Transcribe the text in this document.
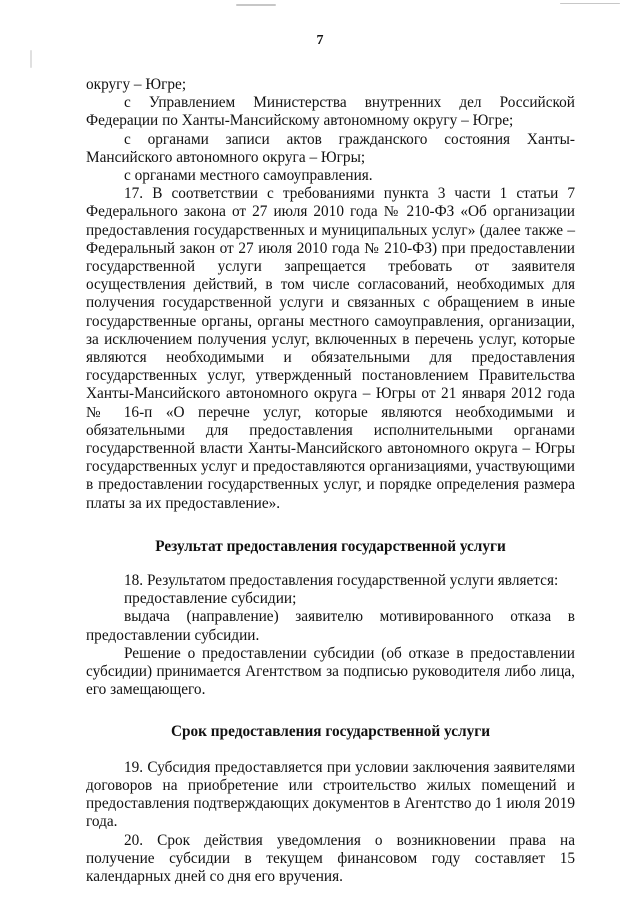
7

округу – Югре;

с Управлением Министерства внутренних дел Российской Федерации по Ханты-Мансийскому автономному округу – Югре;

с органами записи актов гражданского состояния Ханты-Мансийского автономного округа – Югры;

с органами местного самоуправления.

17. В соответствии с требованиями пункта 3 части 1 статьи 7 Федерального закона от 27 июля 2010 года № 210-ФЗ «Об организации предоставления государственных и муниципальных услуг» (далее также – Федеральный закон от 27 июля 2010 года № 210-ФЗ) при предоставлении государственной услуги запрещается требовать от заявителя осуществления действий, в том числе согласований, необходимых для получения государственной услуги и связанных с обращением в иные государственные органы, органы местного самоуправления, организации, за исключением получения услуг, включенных в перечень услуг, которые являются необходимыми и обязательными для предоставления государственных услуг, утвержденный постановлением Правительства Ханты-Мансийского автономного округа – Югры от 21 января 2012 года № 16-п «О перечне услуг, которые являются необходимыми и обязательными для предоставления исполнительными органами государственной власти Ханты-Мансийского автономного округа – Югры государственных услуг и предоставляются организациями, участвующими в предоставлении государственных услуг, и порядке определения размера платы за их предоставление».

Результат предоставления государственной услуги

18. Результатом предоставления государственной услуги является:

предоставление субсидии;

выдача (направление) заявителю мотивированного отказа в предоставлении субсидии.

Решение о предоставлении субсидии (об отказе в предоставлении субсидии) принимается Агентством за подписью руководителя либо лица, его замещающего.

Срок предоставления государственной услуги

19. Субсидия предоставляется при условии заключения заявителями договоров на приобретение или строительство жилых помещений и предоставления подтверждающих документов в Агентство до 1 июля 2019 года.

20. Срок действия уведомления о возникновении права на получение субсидии в текущем финансовом году составляет 15 календарных дней со дня его вручения.
